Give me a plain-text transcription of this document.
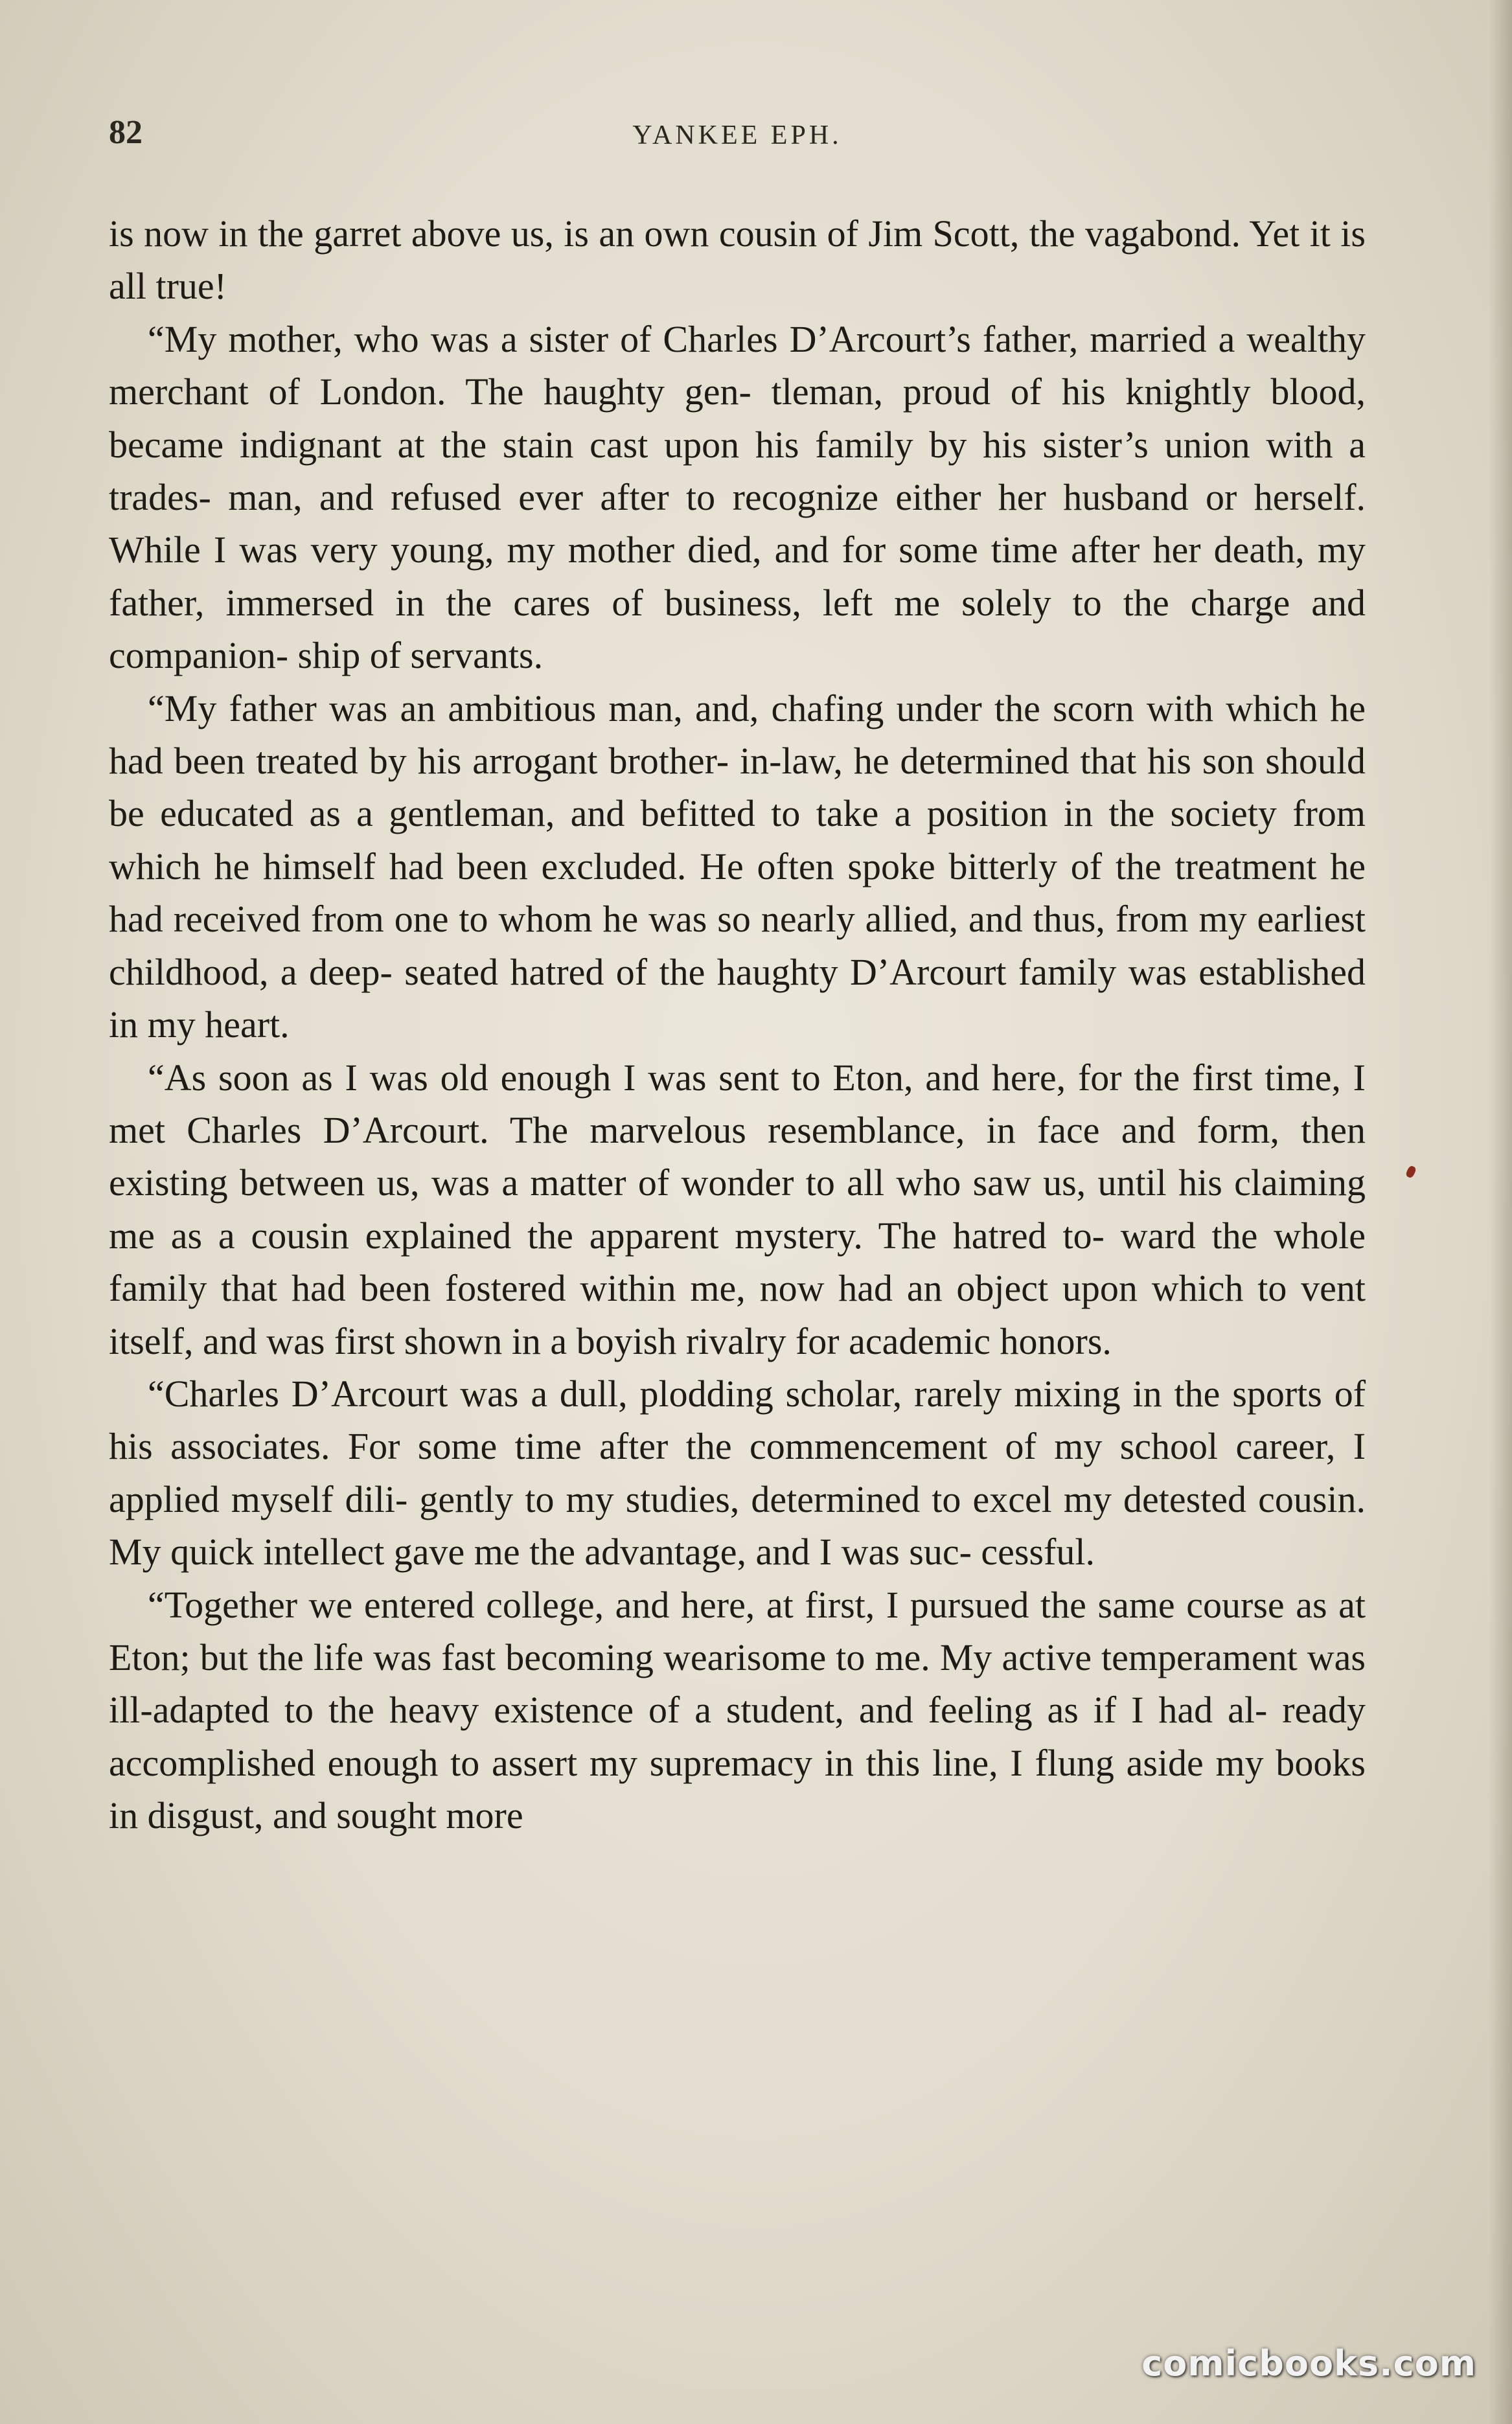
82	YANKEE EPH.

is now in the garret above us, is an own cousin of Jim Scott, the vagabond. Yet it is all true!

“My mother, who was a sister of Charles D’Arcourt’s father, married a wealthy merchant of London. The haughty gen- tleman, proud of his knightly blood, became indignant at the stain cast upon his family by his sister’s union with a trades- man, and refused ever after to recognize either her husband or herself. While I was very young, my mother died, and for some time after her death, my father, immersed in the cares of business, left me solely to the charge and companion- ship of servants.

“My father was an ambitious man, and, chafing under the scorn with which he had been treated by his arrogant brother- in-law, he determined that his son should be educated as a gentleman, and befitted to take a position in the society from which he himself had been excluded. He often spoke bitterly of the treatment he had received from one to whom he was so nearly allied, and thus, from my earliest childhood, a deep- seated hatred of the haughty D’Arcourt family was established in my heart.

“As soon as I was old enough I was sent to Eton, and here, for the first time, I met Charles D’Arcourt. The marvelous resemblance, in face and form, then existing between us, was a matter of wonder to all who saw us, until his claiming me as a cousin explained the apparent mystery. The hatred to- ward the whole family that had been fostered within me, now had an object upon which to vent itself, and was first shown in a boyish rivalry for academic honors.

“Charles D’Arcourt was a dull, plodding scholar, rarely mixing in the sports of his associates. For some time after the commencement of my school career, I applied myself dili- gently to my studies, determined to excel my detested cousin. My quick intellect gave me the advantage, and I was suc- cessful.

“Together we entered college, and here, at first, I pursued the same course as at Eton; but the life was fast becoming wearisome to me. My active temperament was ill-adapted to the heavy existence of a student, and feeling as if I had al- ready accomplished enough to assert my supremacy in this line, I flung aside my books in disgust, and sought more

comicbooks.com
